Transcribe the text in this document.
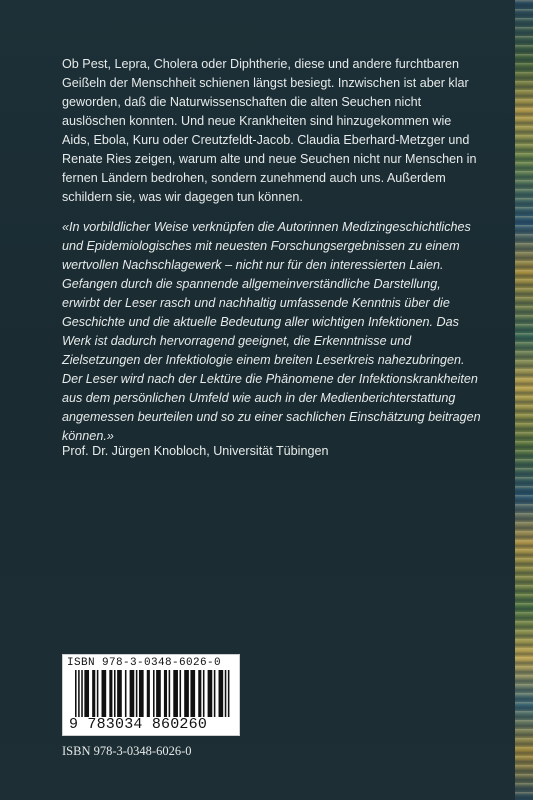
Ob Pest, Lepra, Cholera oder Diphtherie, diese und andere furchtbaren Geißeln der Menschheit schienen längst besiegt. Inzwischen ist aber klar geworden, daß die Naturwissenschaften die alten Seuchen nicht auslöschen konnten. Und neue Krankheiten sind hinzugekommen wie Aids, Ebola, Kuru oder Creutzfeldt-Jacob. Claudia Eberhard-Metzger und Renate Ries zeigen, warum alte und neue Seuchen nicht nur Menschen in fernen Ländern bedrohen, sondern zunehmend auch uns. Außerdem schildern sie, was wir dagegen tun können.

«In vorbildlicher Weise verknüpfen die Autorinnen Medizingeschichtliches und Epidemiologisches mit neuesten Forschungsergebnissen zu einem wertvollen Nachschlagewerk – nicht nur für den interessierten Laien. Gefangen durch die spannende allgemeinverständliche Darstellung, erwirbt der Leser rasch und nachhaltig umfassende Kenntnis über die Geschichte und die aktuelle Bedeutung aller wichtigen Infektionen. Das Werk ist dadurch hervorragend geeignet, die Erkenntnisse und Zielsetzungen der Infektiologie einem breiten Leserkreis nahezubringen. Der Leser wird nach der Lektüre die Phänomene der Infektionskrankheiten aus dem persönlichen Umfeld wie auch in der Medienberichterstattung angemessen beurteilen und so zu einer sachlichen Einschätzung beitragen können.»

Prof. Dr. Jürgen Knobloch, Universität Tübingen

ISBN 978-3-0348-6026-0
9 783034 860260
ISBN 978-3-0348-6026-0
